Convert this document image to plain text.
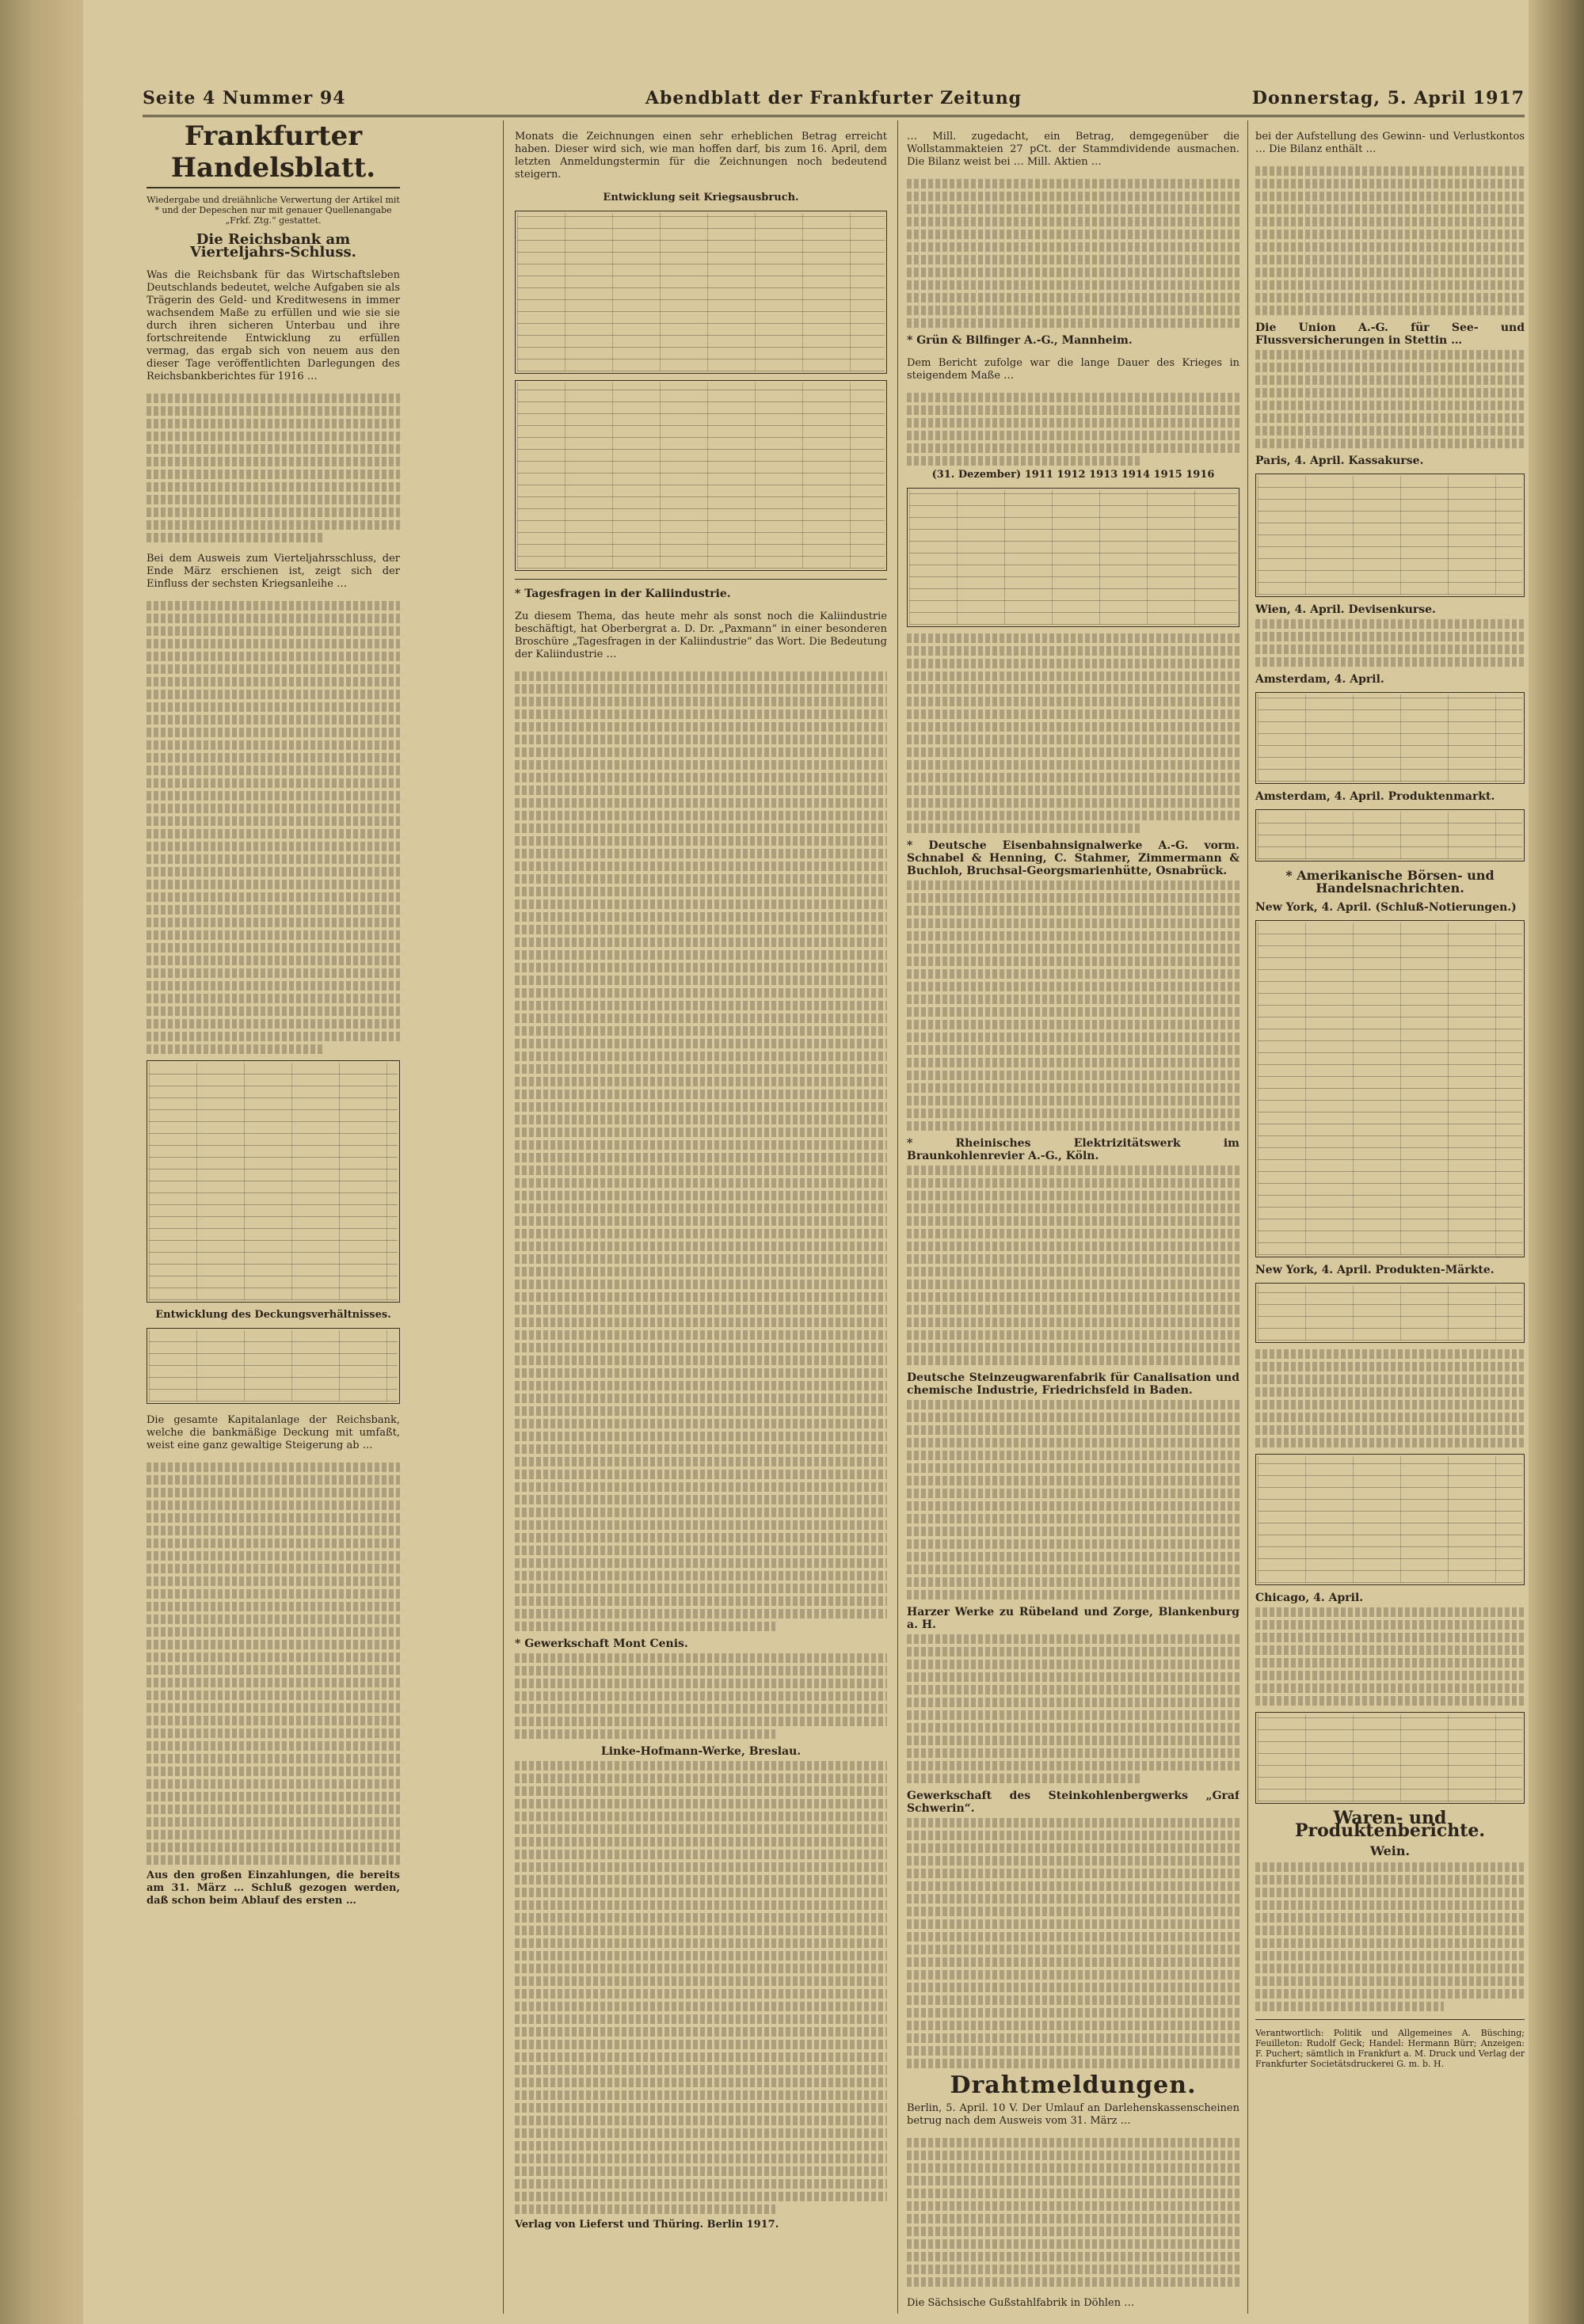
Seite 4 Nummer 94	Abendblatt der Frankfurter Zeitung	Donnerstag, 5. April 1917
Frankfurter Handelsblatt.
Wiedergabe und dreiähnliche Verwertung der Artikel mit * und der Depeschen nur mit genauer Quellenangabe „Frkf. Ztg.“ gestattet.
Die Reichsbank am Vierteljahrs-Schluss.

Was die Reichsbank für das Wirtschaftsleben Deutschlands bedeutet, welche Aufgaben sie als Trägerin des Geld- und Kreditwesens in immer wachsendem Maße zu erfüllen und wie sie sie durch ihren sicheren Unterbau und ihre fortschreitende Entwicklung zu erfüllen vermag, das ergab sich von neuem aus den dieser Tage veröffentlichten Darlegungen des Reichsbankberichtes für 1916 …

Bei dem Ausweis zum Vierteljahrsschluss, der Ende März erschienen ist, zeigt sich der Einfluss der sechsten Kriegsanleihe …

Entwicklung des Deckungsverhältnisses.

Die gesamte Kapitalanlage der Reichsbank, welche die bankmäßige Deckung mit umfaßt, weist eine ganz gewaltige Steigerung ab …

Aus den großen Einzahlungen, die bereits am 31. März … Schluß gezogen werden, daß schon beim Ablauf des ersten …

Monats die Zeichnungen einen sehr erheblichen Betrag erreicht haben. Dieser wird sich, wie man hoffen darf, bis zum 16. April, dem letzten Anmeldungstermin für die Zeichnungen noch bedeutend steigern.

Entwicklung seit Kriegsausbruch.
* Tagesfragen in der Kaliindustrie.

Zu diesem Thema, das heute mehr als sonst noch die Kaliindustrie beschäftigt, hat Oberbergrat a. D. Dr. „Paxmann“ in einer besonderen Broschüre „Tagesfragen in der Kaliindustrie“ das Wort. Die Bedeutung der Kaliindustrie …

* Gewerkschaft Mont Cenis.
Linke-Hofmann-Werke, Breslau.

Verlag von Lieferst und Thüring. Berlin 1917.

… Mill. zugedacht, ein Betrag, demgegenüber die Wollstammakteien 27 pCt. der Stammdividende ausmachen. Die Bilanz weist bei … Mill. Aktien …

* Grün & Bilfinger A.-G., Mannheim.

Dem Bericht zufolge war die lange Dauer des Krieges in steigendem Maße …

(31. Dezember) 1911 1912 1913 1914 1915 1916
* Deutsche Eisenbahnsignalwerke A.-G. vorm. Schnabel & Henning, C. Stahmer, Zimmermann & Buchloh, Bruchsal-Georgsmarienhütte, Osnabrück.
* Rheinisches Elektrizitätswerk im Braunkohlenrevier A.-G., Köln.
Deutsche Steinzeugwarenfabrik für Canalisation und chemische Industrie, Friedrichsfeld in Baden.
Harzer Werke zu Rübeland und Zorge, Blankenburg a. H.
Gewerkschaft des Steinkohlenbergwerks „Graf Schwerin“.
Drahtmeldungen.

Berlin, 5. April. 10 V. Der Umlauf an Darlehenskassenscheinen betrug nach dem Ausweis vom 31. März …

Die Sächsische Gußstahlfabrik in Döhlen …

bei der Aufstellung des Gewinn- und Verlustkontos … Die Bilanz enthält …

Die Union A.-G. für See- und Flussversicherungen in Stettin …
Paris, 4. April. Kassakurse.
Wien, 4. April. Devisenkurse.
Amsterdam, 4. April.
Amsterdam, 4. April. Produktenmarkt.
* Amerikanische Börsen- und Handelsnachrichten.
New York, 4. April. (Schluß-Notierungen.)
New York, 4. April. Produkten-Märkte.
Chicago, 4. April.
Waren- und Produktenberichte.
Wein.

Verantwortlich: Politik und Allgemeines A. Büsching; Feuilleton: Rudolf Geck; Handel: Hermann Bürr; Anzeigen: F. Puchert; sämtlich in Frankfurt a. M. Druck und Verlag der Frankfurter Societätsdruckerei G. m. b. H.
